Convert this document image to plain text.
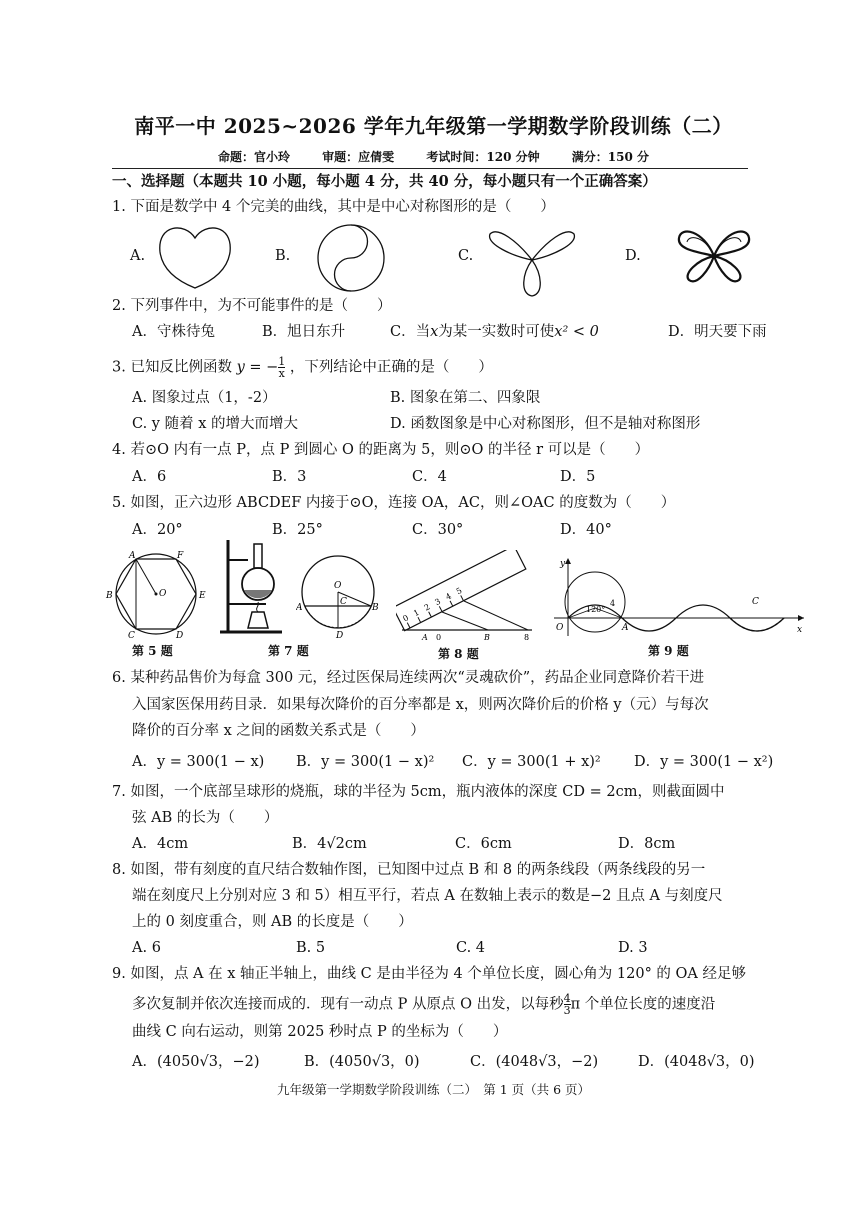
南平一中 2025~2026 学年九年级第一学期数学阶段训练（二）
命题：官小玲	审题：应倩雯	考试时间：120 分钟	满分：150 分
一、选择题（本题共 10 小题，每小题 4 分，共 40 分，每小题只有一个正确答案）
1. 下面是数学中 4 个完美的曲线，其中是中心对称图形的是（　　）
A.	B.	C.	D.
2. 下列事件中，为不可能事件的是（　　）
A．守株待兔	B．旭日东升	C．当x为某一实数时可使x² < 0	D．明天要下雨
3. 已知反比例函数 y = − $\frac{1}{x}$ ，下列结论中正确的是（　　）
A. 图象过点（1，-2）	B. 图象在第二、四象限
C. y 随着 x 的增大而增大	D. 函数图象是中心对称图形，但不是轴对称图形
4. 若⊙O 内有一点 P，点 P 到圆心 O 的距离为 5，则⊙O 的半径 r 可以是（　　）
A．6	B．3	C．4	D．5
5. 如图，正六边形 ABCDEF 内接于⊙O，连接 OA，AC，则∠OAC 的度数为（　　）
A．20°	B．25°	C．30°	D．40°
A	F
B	E
C	D
O
O
A	B
C
D
0
1
2
3
4
5
A 0	B	8
y
x
O	A
120°
4	C
第 5 题	第 7 题	第 8 题	第 9 题
6. 某种药品售价为每盒 300 元，经过医保局连续两次“灵魂砍价”，药品企业同意降价若干进
入国家医保用药目录．如果每次降价的百分率都是 x，则两次降价后的价格 y（元）与每次
降价的百分率 x 之间的函数关系式是（　　）
A．y = 300(1 − x) B．y = 300(1 − x)² C．y = 300(1 + x)² D．y = 300(1 − x²)
7. 如图，一个底部呈球形的烧瓶，球的半径为 5cm，瓶内液体的深度 CD = 2cm，则截面圆中
弦 AB 的长为（　　）
A．4cm	B．4√2cm	C．6cm	D．8cm
8. 如图，带有刻度的直尺结合数轴作图，已知图中过点 B 和 8 的两条线段（两条线段的另一
端在刻度尺上分别对应 3 和 5）相互平行，若点 A 在数轴上表示的数是−2 且点 A 与刻度尺
上的 0 刻度重合，则 AB 的长度是（　　）
A. 6	B. 5	C. 4	D. 3
9. 如图，点 A 在 x 轴正半轴上，曲线 C 是由半径为 4 个单位长度，圆心角为 120° 的 OA 经足够
多次复制并依次连接而成的．现有一动点 P 从原点 O 出发，以每秒 $\frac{4}{3}$ π 个单位长度的速度沿
曲线 C 向右运动，则第 2025 秒时点 P 的坐标为（　　）
A．(4050√3，−2)	B．(4050√3，0)	C．(4048√3，−2)	D．(4048√3，0)
九年级第一学期数学阶段训练（二）　第 1 页（共 6 页）
